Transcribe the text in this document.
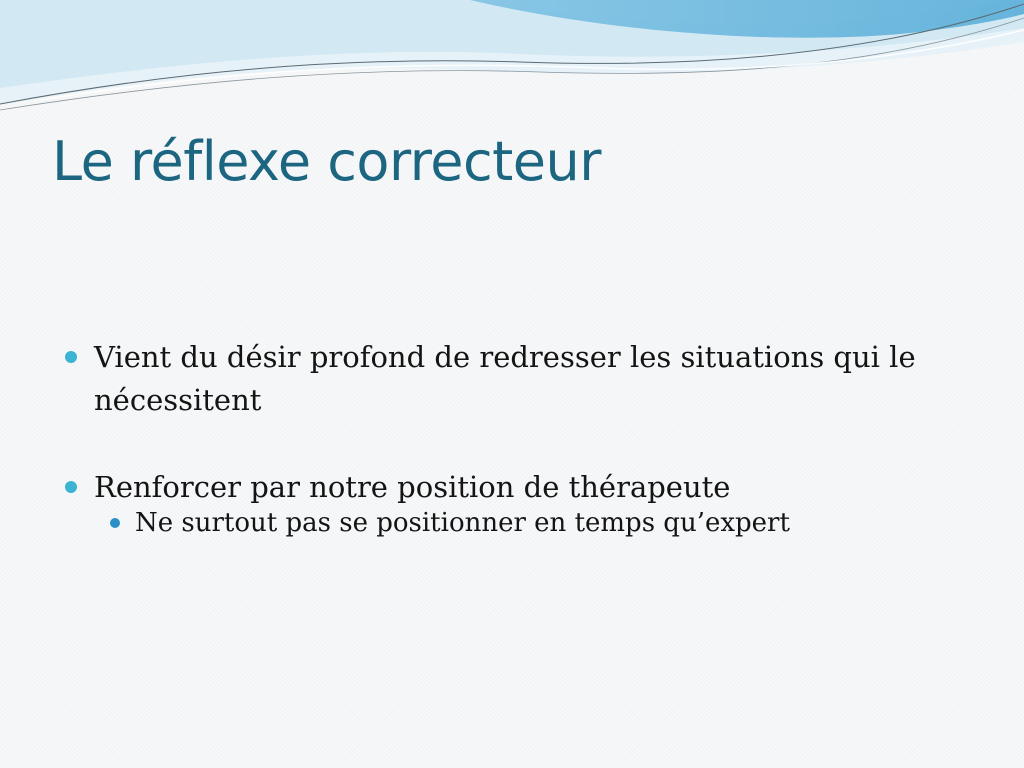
Le réflexe correcteur
Vient du désir profond de redresser les situations qui le nécessitent
Renforcer par notre position de thérapeute
Ne surtout pas se positionner en temps qu’expert
